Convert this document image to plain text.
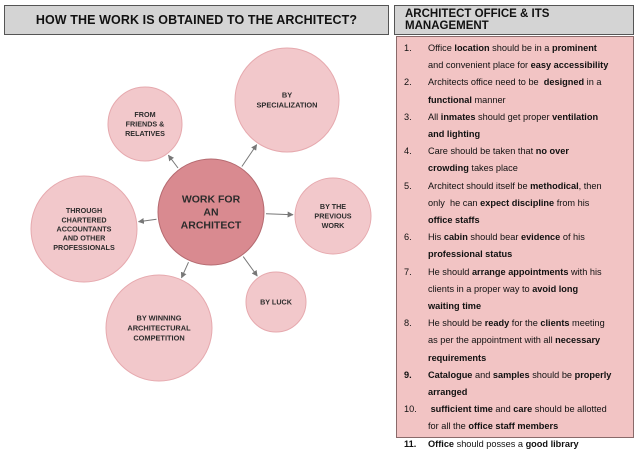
HOW THE WORK IS OBTAINED TO THE ARCHITECT?	ARCHITECT OFFICE & ITS MANAGEMENT
FROM
FRIENDS &
RELATIVES
BY
SPECIALIZATION
BY THE
PREVIOUS
WORK
BY LUCK
BY WINNING
ARCHITECTURAL
COMPETITION
THROUGH
CHARTERED
ACCOUNTANTS
AND OTHER
PROFESSIONALS
WORK FOR
AN
ARCHITECT
1. Office location should be in a prominent
and convenient place for easy accessibility
2. Architects office need to be  designed in a
functional manner
3. All inmates should get proper ventilation
and lighting
4. Care should be taken that no over
crowding takes place
5. Architect should itself be methodical, then
only  he can expect discipline from his
office staffs
6. His cabin should bear evidence of his
professional status
7. He should arrange appointments with his
clients in a proper way to avoid long
waiting time
8. He should be ready for the clients meeting
as per the appointment with all necessary
requirements
9. Catalogue and samples should be properly
arranged
10. sufficient time and care should be allotted
for all the office staff members
11. Office should posses a good library
